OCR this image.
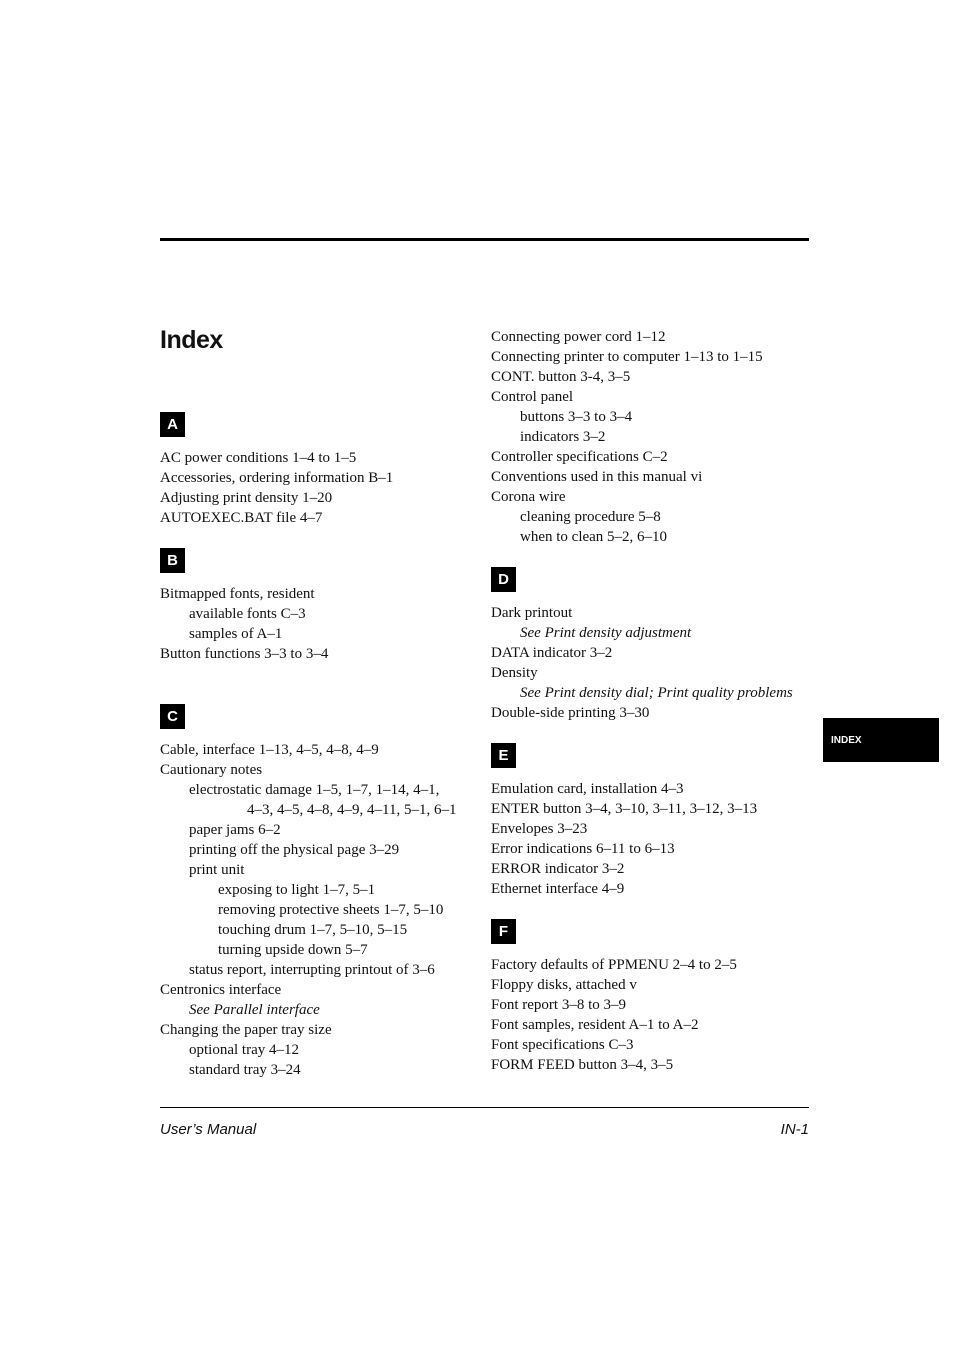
Index
A
AC power conditions 1–4 to 1–5
Accessories, ordering information B–1
Adjusting print density 1–20
AUTOEXEC.BAT file 4–7
B
Bitmapped fonts, resident
available fonts C–3
samples of A–1
Button functions 3–3 to 3–4
C
Cable, interface 1–13, 4–5, 4–8, 4–9
Cautionary notes
electrostatic damage 1–5, 1–7, 1–14, 4–1,
4–3, 4–5, 4–8, 4–9, 4–11, 5–1, 6–1
paper jams 6–2
printing off the physical page 3–29
print unit
exposing to light 1–7, 5–1
removing protective sheets 1–7, 5–10
touching drum 1–7, 5–10, 5–15
turning upside down 5–7
status report, interrupting printout of 3–6
Centronics interface
See Parallel interface
Changing the paper tray size
optional tray 4–12
standard tray 3–24
Connecting power cord 1–12
Connecting printer to computer 1–13 to 1–15
CONT. button 3-4, 3–5
Control panel
buttons 3–3 to 3–4
indicators 3–2
Controller specifications C–2
Conventions used in this manual vi
Corona wire
cleaning procedure 5–8
when to clean 5–2, 6–10
D
Dark printout
See Print density adjustment
DATA indicator 3–2
Density
See Print density dial; Print quality problems
Double-side printing 3–30
E
Emulation card, installation 4–3
ENTER button 3–4, 3–10, 3–11, 3–12, 3–13
Envelopes 3–23
Error indications 6–11 to 6–13
ERROR indicator 3–2
Ethernet interface 4–9
F
Factory defaults of PPMENU 2–4 to 2–5
Floppy disks, attached v
Font report 3–8 to 3–9
Font samples, resident A–1 to A–2
Font specifications C–3
FORM FEED button 3–4, 3–5
INDEX
User’s Manual	IN-1
